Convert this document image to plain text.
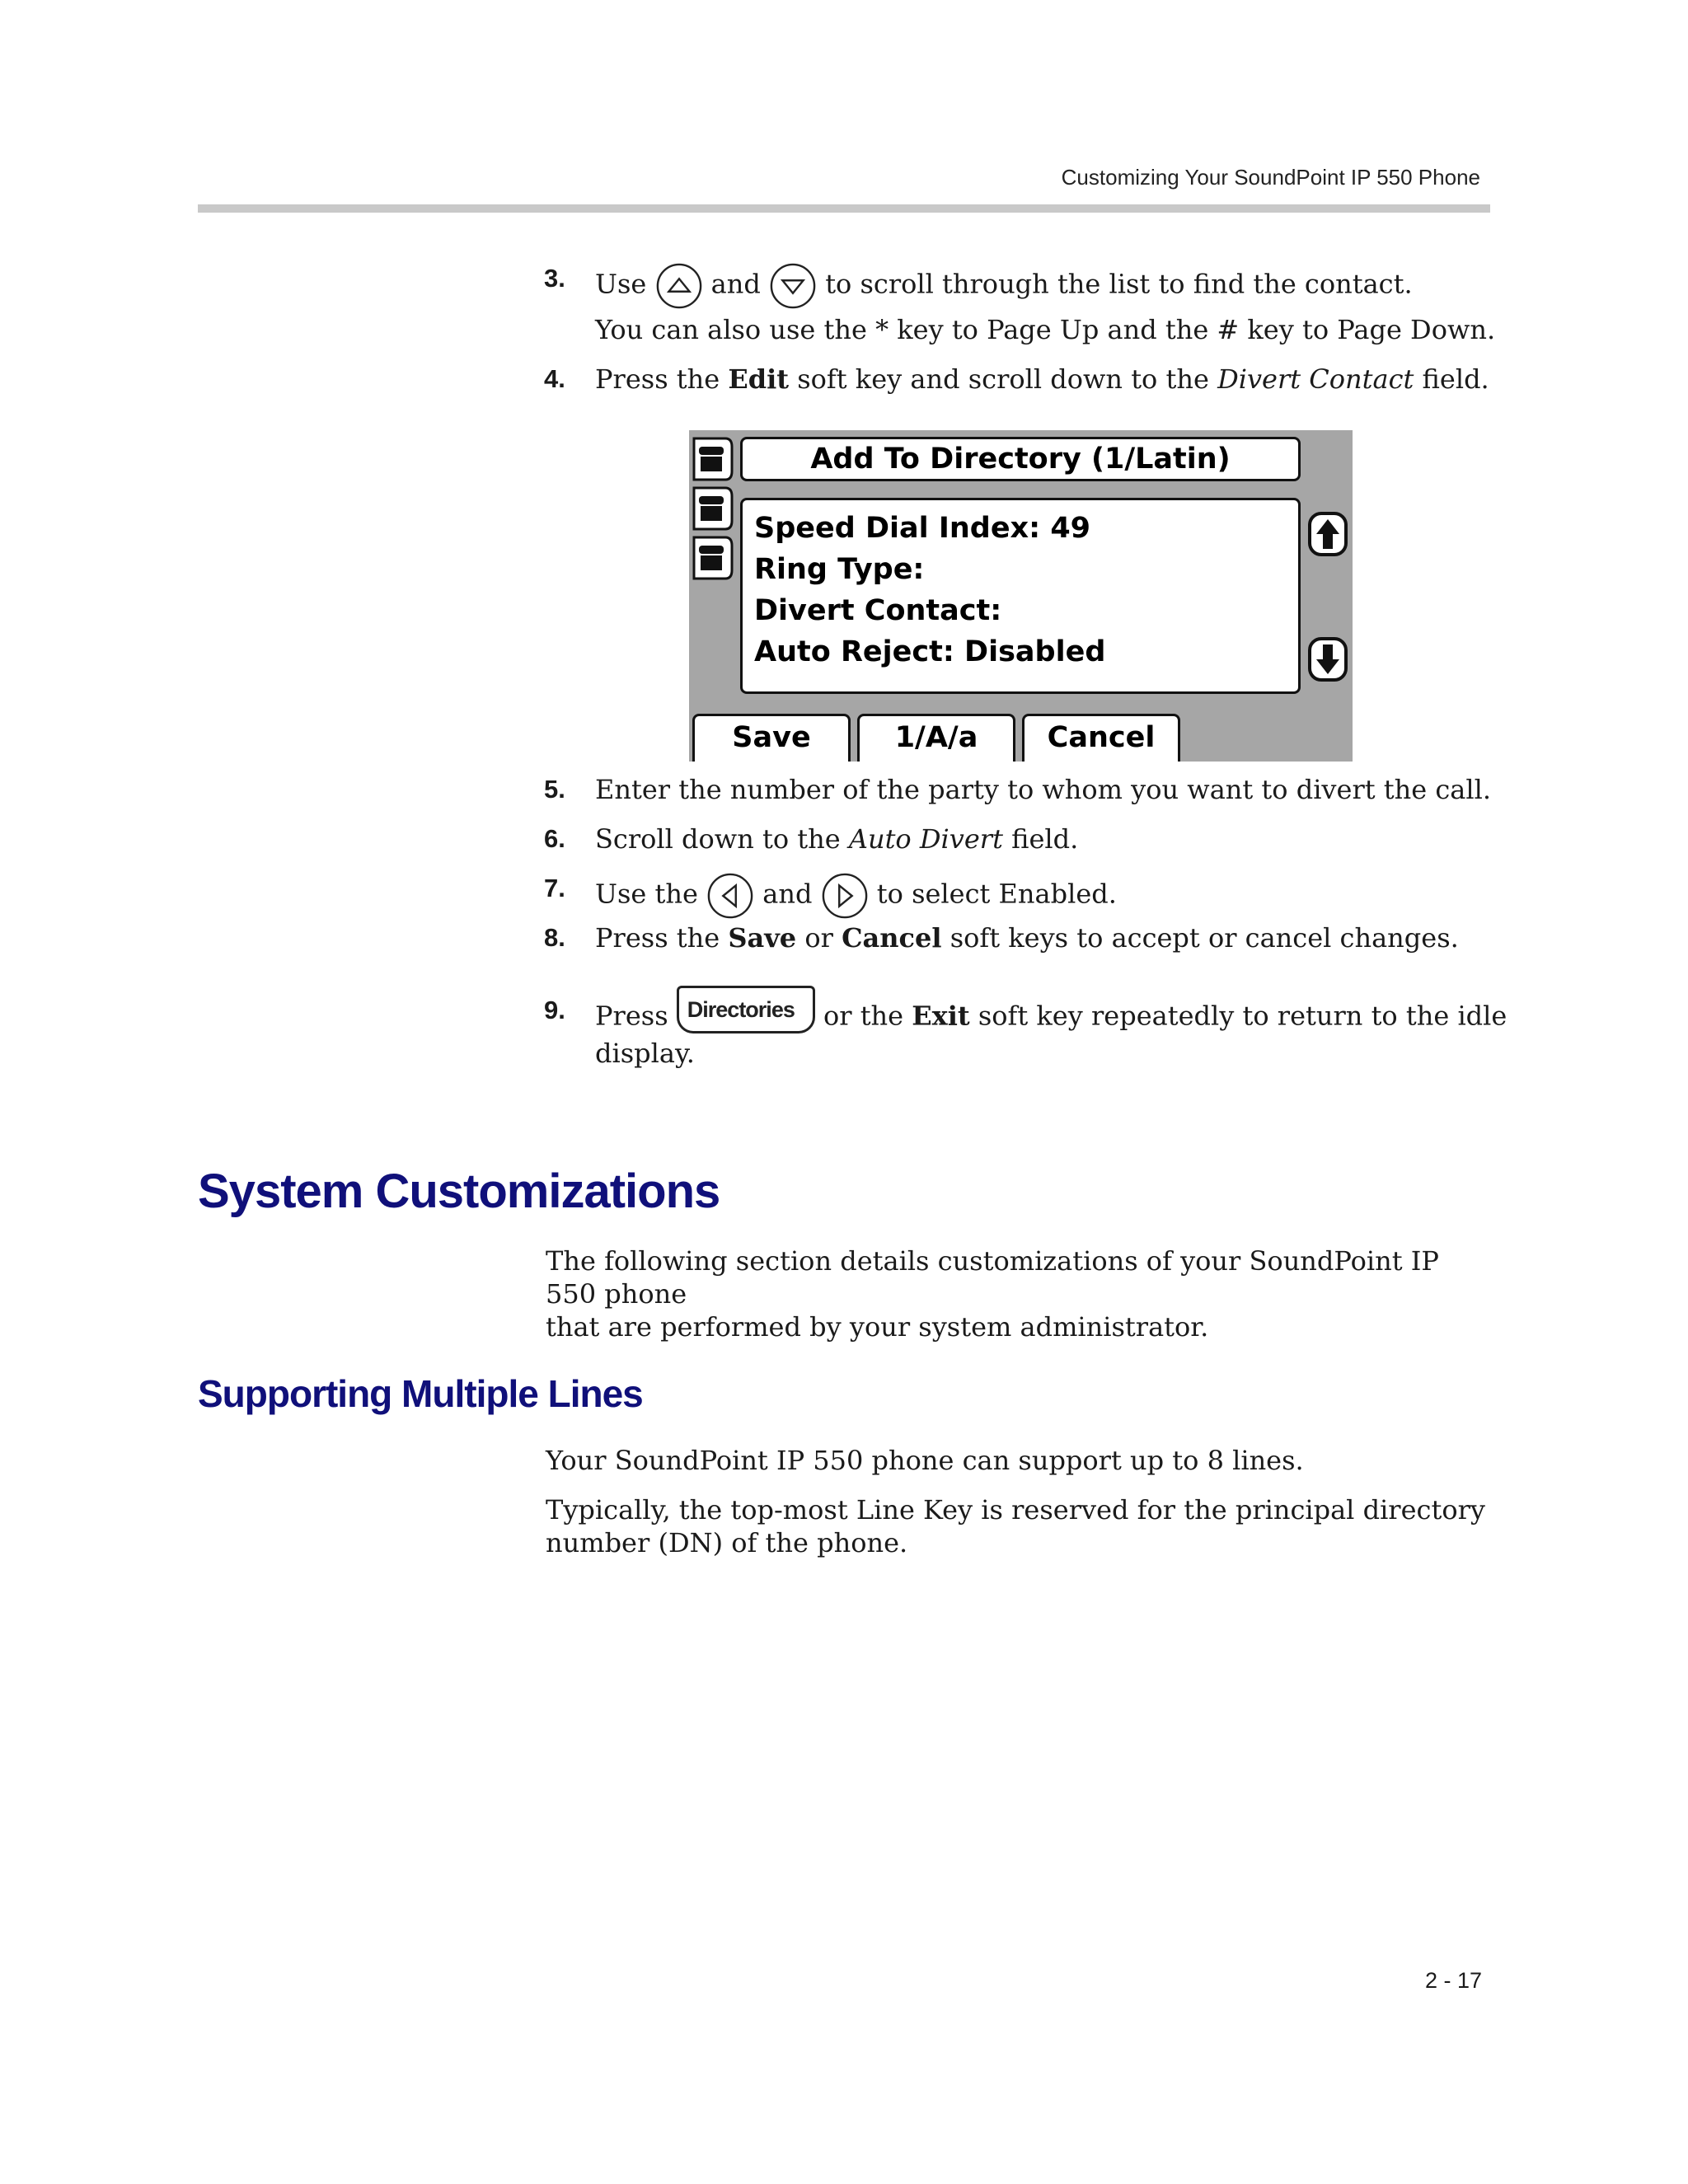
Customizing Your SoundPoint IP 550 Phone
3. Use and to scroll through the list to find the contact.
You can also use the * key to Page Up and the # key to Page Down.
4. Press the Edit soft key and scroll down to the Divert Contact field.
Add To Directory (1/Latin)
Speed Dial Index: 49
Ring Type:
Divert Contact:
Auto Reject: Disabled
Save	1/A/a	Cancel
5. Enter the number of the party to whom you want to divert the call.
6. Scroll down to the Auto Divert field.
7. Use the and to select Enabled.
8. Press the Save or Cancel soft keys to accept or cancel changes.
9. Press Directories or the Exit soft key repeatedly to return to the idle
display.
System Customizations
The following section details customizations of your SoundPoint IP 550 phone
that are performed by your system administrator.
Supporting Multiple Lines
Your SoundPoint IP 550 phone can support up to 8 lines.
Typically, the top-most Line Key is reserved for the principal directory
number (DN) of the phone.
2 - 17
